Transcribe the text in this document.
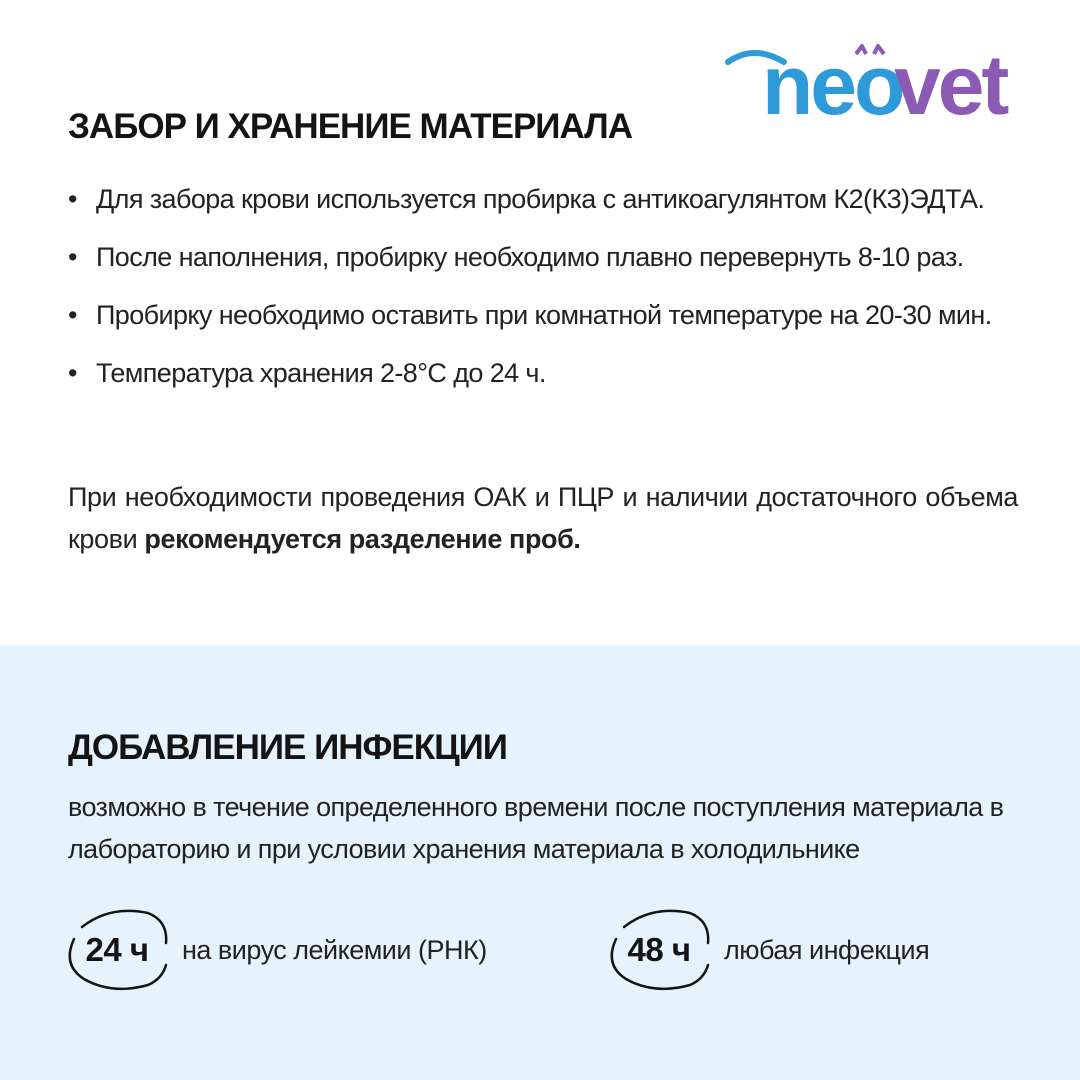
neo
vet
ЗАБОР И ХРАНЕНИЕ МАТЕРИАЛА
• Для забора крови используется пробирка с антикоагулянтом К2(К3)ЭДТА.
• После наполнения, пробирку необходимо плавно перевернуть 8-10 раз.
• Пробирку необходимо оставить при комнатной температуре на 20-30 мин.
• Температура хранения 2-8°С до 24 ч.

При необходимости проведения ОАК и ПЦР и наличии достаточного объема крови рекомендуется разделение проб.

ДОБАВЛЕНИЕ ИНФЕКЦИИ

возможно в течение определенного времени после поступления материала в лабораторию и при условии хранения материала в холодильнике

24 ч на вирус лейкемии (РНК)	48 ч любая инфекция
